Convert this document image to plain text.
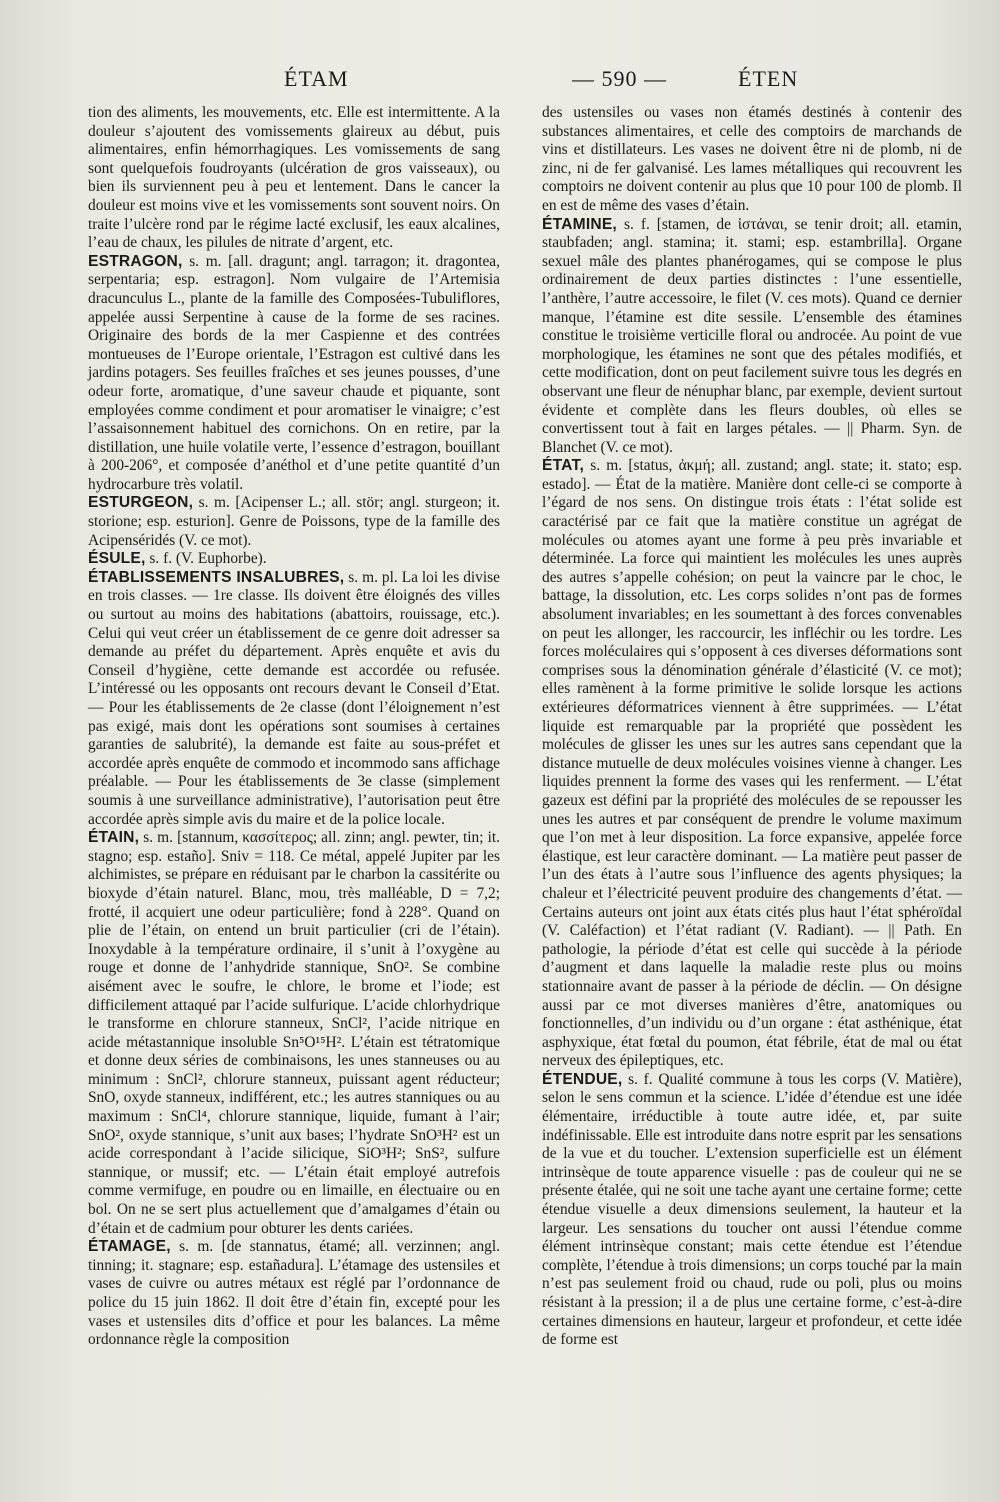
ÉTAM	— 590 —	ÉTEN

tion des aliments, les mouvements, etc. Elle est intermittente. A la douleur s’ajoutent des vomissements glaireux au début, puis alimentaires, enfin hémorrhagiques. Les vomissements de sang sont quelquefois foudroyants (ulcération de gros vaisseaux), ou bien ils surviennent peu à peu et lentement. Dans le cancer la douleur est moins vive et les vomissements sont souvent noirs. On traite l’ulcère rond par le régime lacté exclusif, les eaux alcalines, l’eau de chaux, les pilules de nitrate d’argent, etc.

ESTRAGON, s. m. [all. dragunt; angl. tarragon; it. dragontea, serpentaria; esp. estragon]. Nom vulgaire de l’Artemisia dracunculus L., plante de la famille des Composées-Tubuliflores, appelée aussi Serpentine à cause de la forme de ses racines. Originaire des bords de la mer Caspienne et des contrées montueuses de l’Europe orientale, l’Estragon est cultivé dans les jardins potagers. Ses feuilles fraîches et ses jeunes pousses, d’une odeur forte, aromatique, d’une saveur chaude et piquante, sont employées comme condiment et pour aromatiser le vinaigre; c’est l’assaisonnement habituel des cornichons. On en retire, par la distillation, une huile volatile verte, l’essence d’estragon, bouillant à 200-206°, et composée d’anéthol et d’une petite quantité d’un hydrocarbure très volatil.

ESTURGEON, s. m. [Acipenser L.; all. stör; angl. sturgeon; it. storione; esp. esturion]. Genre de Poissons, type de la famille des Acipenséridés (V. ce mot).

ÉSULE, s. f. (V. Euphorbe).

ÉTABLISSEMENTS INSALUBRES, s. m. pl. La loi les divise en trois classes. — 1re classe. Ils doivent être éloignés des villes ou surtout au moins des habitations (abattoirs, rouissage, etc.). Celui qui veut créer un établissement de ce genre doit adresser sa demande au préfet du département. Après enquête et avis du Conseil d’hygiène, cette demande est accordée ou refusée. L’intéressé ou les opposants ont recours devant le Conseil d’Etat. — Pour les établissements de 2e classe (dont l’éloignement n’est pas exigé, mais dont les opérations sont soumises à certaines garanties de salubrité), la demande est faite au sous-préfet et accordée après enquête de commodo et incommodo sans affichage préalable. — Pour les établissements de 3e classe (simplement soumis à une surveillance administrative), l’autorisation peut être accordée après simple avis du maire et de la police locale.

ÉTAIN, s. m. [stannum, κασσίτερος; all. zinn; angl. pewter, tin; it. stagno; esp. estaño]. Sniv = 118. Ce métal, appelé Jupiter par les alchimistes, se prépare en réduisant par le charbon la cassitérite ou bioxyde d’étain naturel. Blanc, mou, très malléable, D = 7,2; frotté, il acquiert une odeur particulière; fond à 228°. Quand on plie de l’étain, on entend un bruit particulier (cri de l’étain). Inoxydable à la température ordinaire, il s’unit à l’oxygène au rouge et donne de l’anhydride stannique, SnO². Se combine aisément avec le soufre, le chlore, le brome et l’iode; est difficilement attaqué par l’acide sulfurique. L’acide chlorhydrique le transforme en chlorure stanneux, SnCl², l’acide nitrique en acide métastannique insoluble Sn⁵O¹⁵H². L’étain est tétratomique et donne deux séries de combinaisons, les unes stanneuses ou au minimum : SnCl², chlorure stanneux, puissant agent réducteur; SnO, oxyde stanneux, indifférent, etc.; les autres stanniques ou au maximum : SnCl⁴, chlorure stannique, liquide, fumant à l’air; SnO², oxyde stannique, s’unit aux bases; l’hydrate SnO³H² est un acide correspondant à l’acide silicique, SiO³H²; SnS², sulfure stannique, or mussif; etc. — L’étain était employé autrefois comme vermifuge, en poudre ou en limaille, en électuaire ou en bol. On ne se sert plus actuellement que d’amalgames d’étain ou d’étain et de cadmium pour obturer les dents cariées.

ÉTAMAGE, s. m. [de stannatus, étamé; all. verzinnen; angl. tinning; it. stagnare; esp. estañadura]. L’étamage des ustensiles et vases de cuivre ou autres métaux est réglé par l’ordonnance de police du 15 juin 1862. Il doit être d’étain fin, excepté pour les vases et ustensiles dits d’office et pour les balances. La même ordonnance règle la composition

des ustensiles ou vases non étamés destinés à contenir des substances alimentaires, et celle des comptoirs de marchands de vins et distillateurs. Les vases ne doivent être ni de plomb, ni de zinc, ni de fer galvanisé. Les lames métalliques qui recouvrent les comptoirs ne doivent contenir au plus que 10 pour 100 de plomb. Il en est de même des vases d’étain.

ÉTAMINE, s. f. [stamen, de ἱστάναι, se tenir droit; all. etamin, staubfaden; angl. stamina; it. stami; esp. estambrilla]. Organe sexuel mâle des plantes phanérogames, qui se compose le plus ordinairement de deux parties distinctes : l’une essentielle, l’anthère, l’autre accessoire, le filet (V. ces mots). Quand ce dernier manque, l’étamine est dite sessile. L’ensemble des étamines constitue le troisième verticille floral ou androcée. Au point de vue morphologique, les étamines ne sont que des pétales modifiés, et cette modification, dont on peut facilement suivre tous les degrés en observant une fleur de nénuphar blanc, par exemple, devient surtout évidente et complète dans les fleurs doubles, où elles se convertissent tout à fait en larges pétales. — || Pharm. Syn. de Blanchet (V. ce mot).

ÉTAT, s. m. [status, ἀκμή; all. zustand; angl. state; it. stato; esp. estado]. — État de la matière. Manière dont celle-ci se comporte à l’égard de nos sens. On distingue trois états : l’état solide est caractérisé par ce fait que la matière constitue un agrégat de molécules ou atomes ayant une forme à peu près invariable et déterminée. La force qui maintient les molécules les unes auprès des autres s’appelle cohésion; on peut la vaincre par le choc, le battage, la dissolution, etc. Les corps solides n’ont pas de formes absolument invariables; en les soumettant à des forces convenables on peut les allonger, les raccourcir, les infléchir ou les tordre. Les forces moléculaires qui s’opposent à ces diverses déformations sont comprises sous la dénomination générale d’élasticité (V. ce mot); elles ramènent à la forme primitive le solide lorsque les actions extérieures déformatrices viennent à être supprimées. — L’état liquide est remarquable par la propriété que possèdent les molécules de glisser les unes sur les autres sans cependant que la distance mutuelle de deux molécules voisines vienne à changer. Les liquides prennent la forme des vases qui les renferment. — L’état gazeux est défini par la propriété des molécules de se repousser les unes les autres et par conséquent de prendre le volume maximum que l’on met à leur disposition. La force expansive, appelée force élastique, est leur caractère dominant. — La matière peut passer de l’un des états à l’autre sous l’influence des agents physiques; la chaleur et l’électricité peuvent produire des changements d’état. — Certains auteurs ont joint aux états cités plus haut l’état sphéroïdal (V. Caléfaction) et l’état radiant (V. Radiant). — || Path. En pathologie, la période d’état est celle qui succède à la période d’augment et dans laquelle la maladie reste plus ou moins stationnaire avant de passer à la période de déclin. — On désigne aussi par ce mot diverses manières d’être, anatomiques ou fonctionnelles, d’un individu ou d’un organe : état asthénique, état asphyxique, état fœtal du poumon, état fébrile, état de mal ou état nerveux des épileptiques, etc.

ÉTENDUE, s. f. Qualité commune à tous les corps (V. Matière), selon le sens commun et la science. L’idée d’étendue est une idée élémentaire, irréductible à toute autre idée, et, par suite indéfinissable. Elle est introduite dans notre esprit par les sensations de la vue et du toucher. L’extension superficielle est un élément intrinsèque de toute apparence visuelle : pas de couleur qui ne se présente étalée, qui ne soit une tache ayant une certaine forme; cette étendue visuelle a deux dimensions seulement, la hauteur et la largeur. Les sensations du toucher ont aussi l’étendue comme élément intrinsèque constant; mais cette étendue est l’étendue complète, l’étendue à trois dimensions; un corps touché par la main n’est pas seulement froid ou chaud, rude ou poli, plus ou moins résistant à la pression; il a de plus une certaine forme, c’est-à-dire certaines dimensions en hauteur, largeur et profondeur, et cette idée de forme est
